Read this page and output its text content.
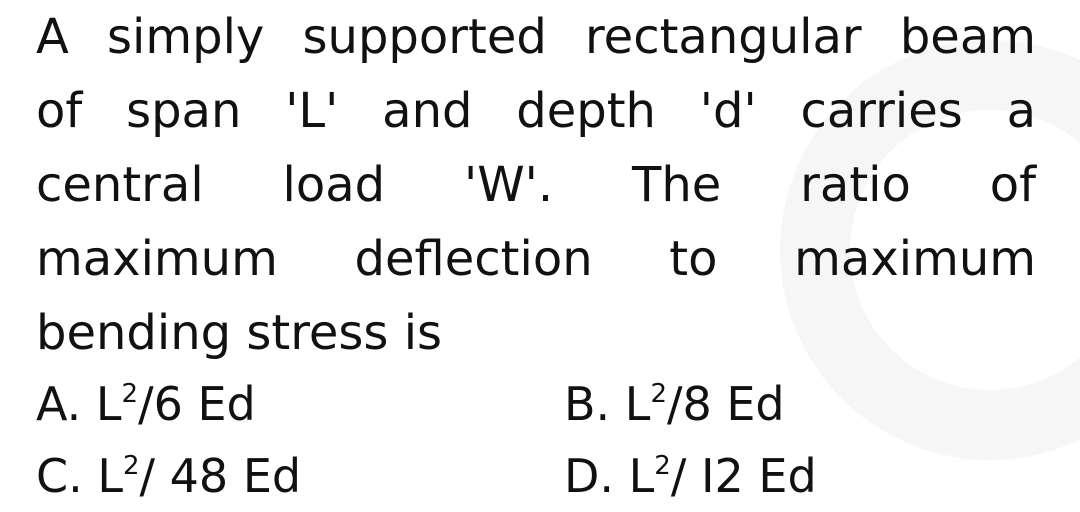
A simply supported rectangular beam
of span 'L' and depth 'd' carries a
central load 'W'. The ratio of
maximum deflection to maximum
bending stress is
A. $L^2/6$ Ed	B. $L^2/8$ Ed
C. $L^2/$ 48 Ed	D. $L^2/$ I2 Ed
